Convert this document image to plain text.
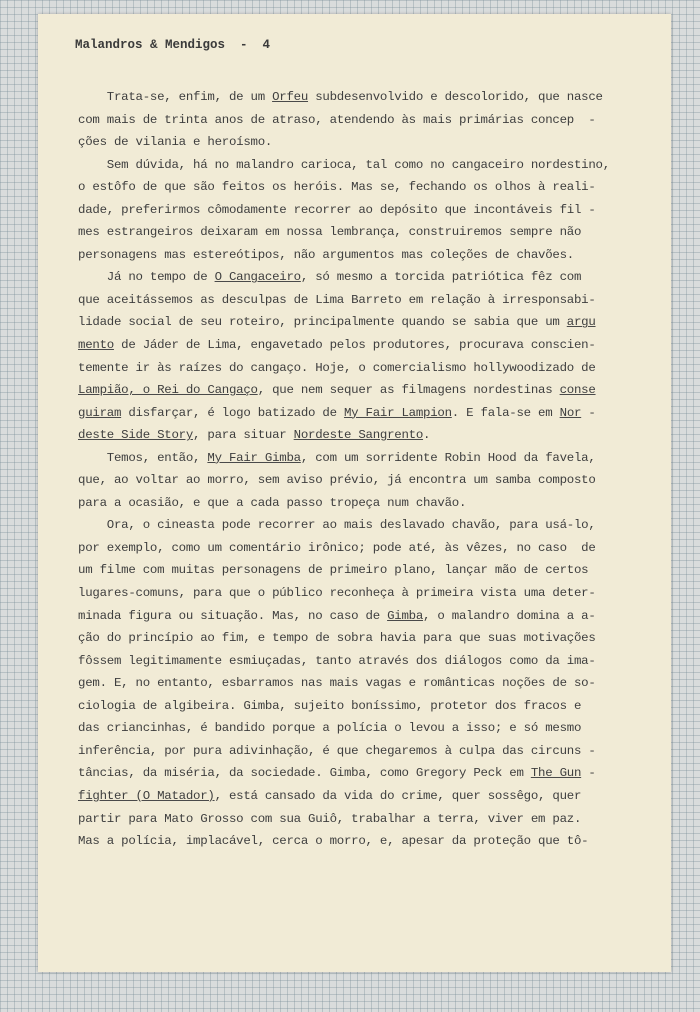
Malandros & Mendigos  -  4
Trata-se, enfim, de um Orfeu subdesenvolvido e descolorido, que nasce
com mais de trinta anos de atraso, atendendo às mais primárias concep  -
ções de vilania e heroísmo.
Sem dúvida, há no malandro carioca, tal como no cangaceiro nordestino,
o estôfo de que são feitos os heróis. Mas se, fechando os olhos à reali-
dade, preferirmos cômodamente recorrer ao depósito que incontáveis fil -
mes estrangeiros deixaram em nossa lembrança, construiremos sempre não
personagens mas estereótipos, não argumentos mas coleções de chavões.
Já no tempo de O Cangaceiro, só mesmo a torcida patriótica fêz com
que aceitássemos as desculpas de Lima Barreto em relação à irresponsabi-
lidade social de seu roteiro, principalmente quando se sabia que um argu
mento de Jáder de Lima, engavetado pelos produtores, procurava conscien-
temente ir às raízes do cangaço. Hoje, o comercialismo hollywoodizado de
Lampião, o Rei do Cangaço, que nem sequer as filmagens nordestinas conse
guiram disfarçar, é logo batizado de My Fair Lampion. E fala-se em Nor -
deste Side Story, para situar Nordeste Sangrento.
Temos, então, My Fair Gimba, com um sorridente Robin Hood da favela,
que, ao voltar ao morro, sem aviso prévio, já encontra um samba composto
para a ocasião, e que a cada passo tropeça num chavão.
Ora, o cineasta pode recorrer ao mais deslavado chavão, para usá-lo,
por exemplo, como um comentário irônico; pode até, às vêzes, no caso  de
um filme com muitas personagens de primeiro plano, lançar mão de certos
lugares-comuns, para que o público reconheça à primeira vista uma deter-
minada figura ou situação. Mas, no caso de Gimba, o malandro domina a a-
ção do princípio ao fim, e tempo de sobra havia para que suas motivações
fôssem legitimamente esmiuçadas, tanto através dos diálogos como da ima-
gem. E, no entanto, esbarramos nas mais vagas e românticas noções de so-
ciologia de algibeira. Gimba, sujeito boníssimo, protetor dos fracos e
das criancinhas, é bandido porque a polícia o levou a isso; e só mesmo
inferência, por pura adivinhação, é que chegaremos à culpa das circuns -
tâncias, da miséria, da sociedade. Gimba, como Gregory Peck em The Gun -
fighter (O Matador), está cansado da vida do crime, quer sossêgo, quer
partir para Mato Grosso com sua Guiô, trabalhar a terra, viver em paz.
Mas a polícia, implacável, cerca o morro, e, apesar da proteção que tô-
